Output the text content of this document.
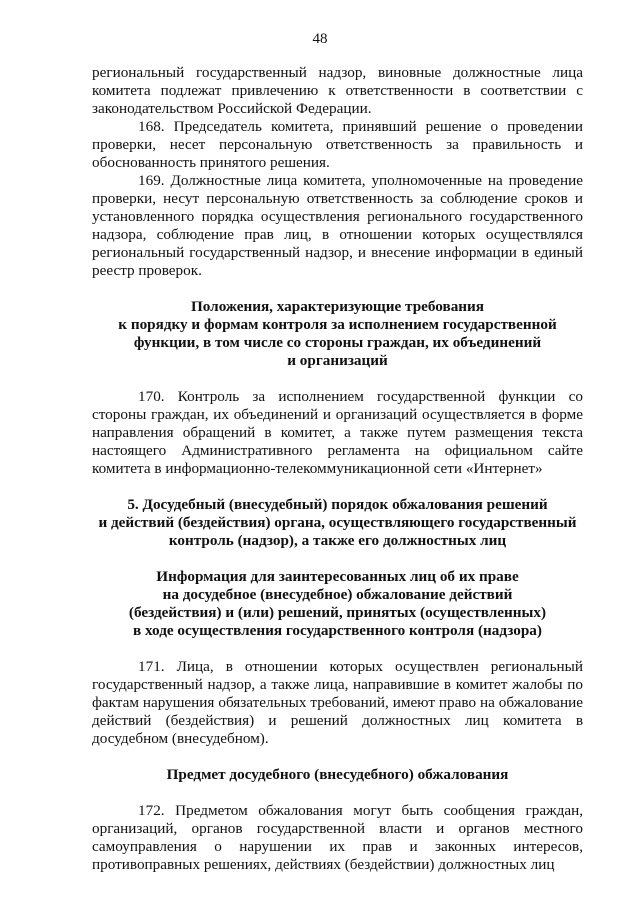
48

региональный государственный надзор, виновные должностные лица комитета подлежат привлечению к ответственности в соответствии с законодательством Российской Федерации.

168. Председатель комитета, принявший решение о проведении проверки, несет персональную ответственность за правильность и обоснованность принятого решения.

169. Должностные лица комитета, уполномоченные на проведение проверки, несут персональную ответственность за соблюдение сроков и установленного порядка осуществления регионального государственного надзора, соблюдение прав лиц, в отношении которых осуществлялся региональный государственный надзор, и внесение информации в единый реестр проверок.

Положения, характеризующие требования
к порядку и формам контроля за исполнением государственной
функции, в том числе со стороны граждан, их объединений
и организаций

170. Контроль за исполнением государственной функции со стороны граждан, их объединений и организаций осуществляется в форме направления обращений в комитет, а также путем размещения текста настоящего Административного регламента на официальном сайте комитета в информационно-телекоммуникационной сети «Интернет»

5. Досудебный (внесудебный) порядок обжалования решений
и действий (бездействия) органа, осуществляющего государственный
контроль (надзор), а также его должностных лиц
Информация для заинтересованных лиц об их праве
на досудебное (внесудебное) обжалование действий
(бездействия) и (или) решений, принятых (осуществленных)
в ходе осуществления государственного контроля (надзора)

171. Лица, в отношении которых осуществлен региональный государственный надзор, а также лица, направившие в комитет жалобы по фактам нарушения обязательных требований, имеют право на обжалование действий (бездействия) и решений должностных лиц комитета в досудебном (внесудебном).

Предмет досудебного (внесудебного) обжалования

172. Предметом обжалования могут быть сообщения граждан, организаций, органов государственной власти и органов местного самоуправления о нарушении их прав и законных интересов, противоправных решениях, действиях (бездействии) должностных лиц
